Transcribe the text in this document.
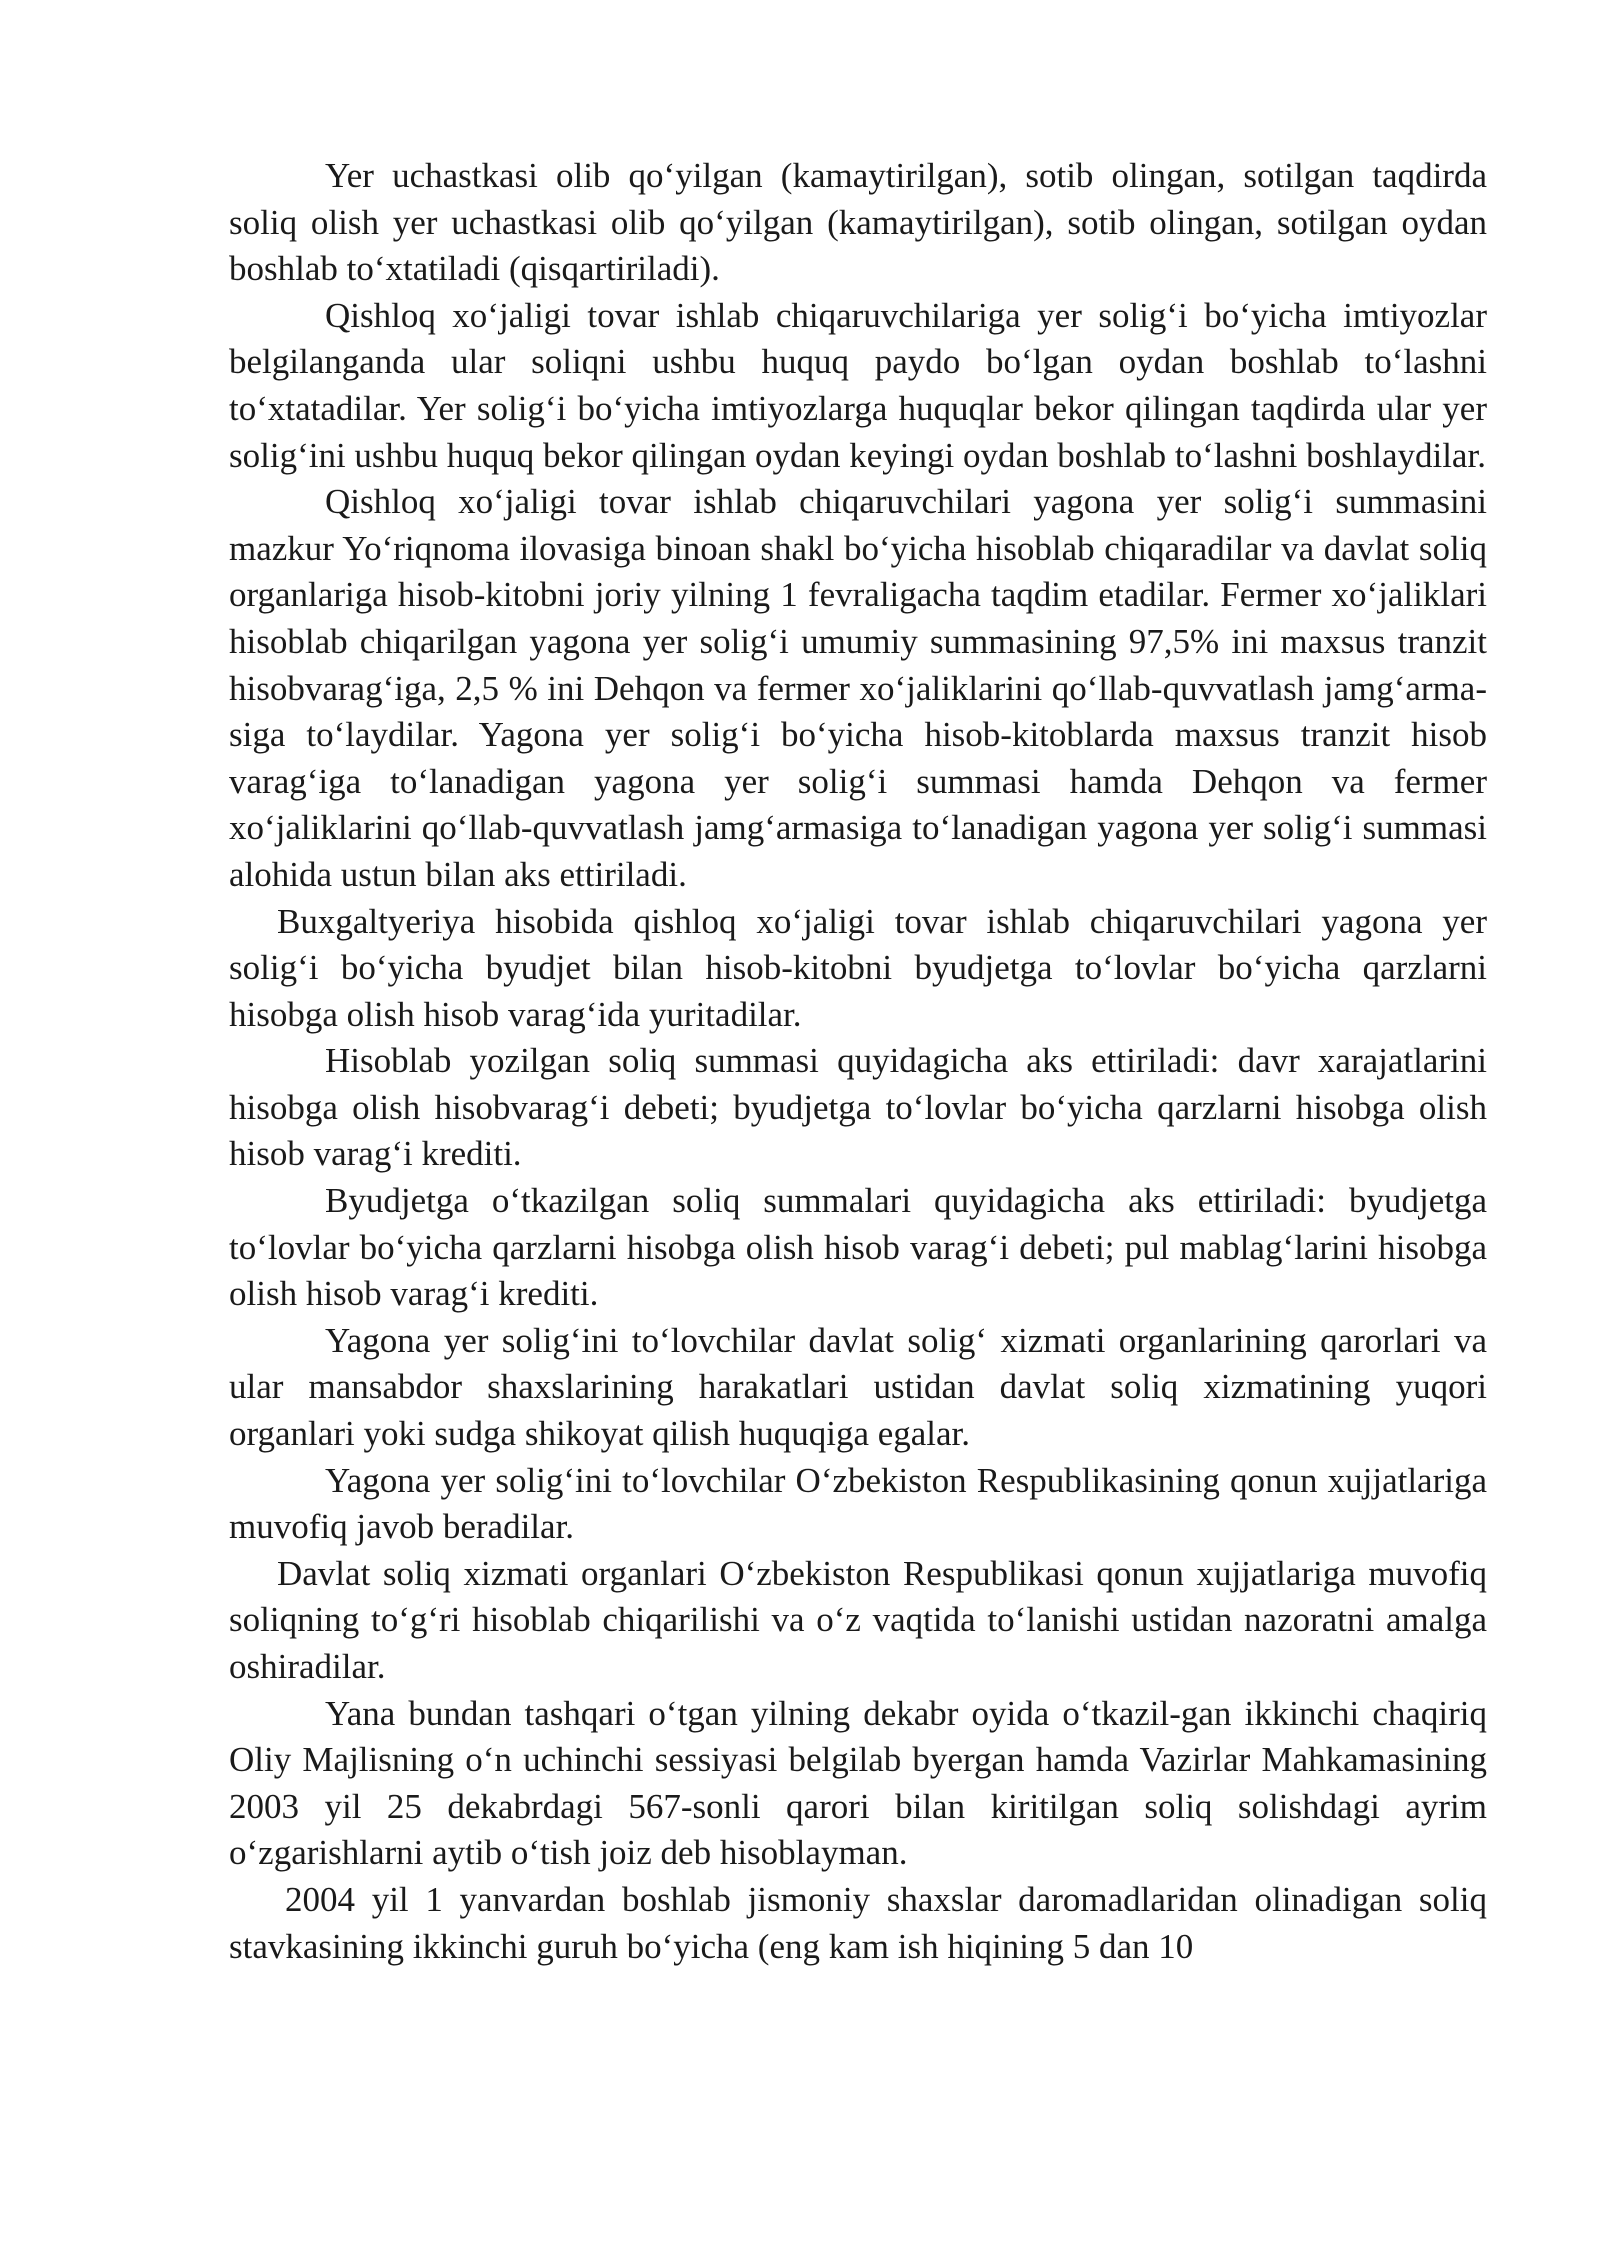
Yer uchastkasi olib qo‘yilgan (kamaytirilgan), sotib olingan, sotilgan taqdirda soliq olish yer uchastkasi olib qo‘yilgan (kamaytirilgan), sotib olingan, sotilgan oydan boshlab to‘xtatiladi (qisqartiriladi).

Qishloq xo‘jaligi tovar ishlab chiqaruvchilariga yer solig‘i bo‘yicha imtiyozlar belgilanganda ular soliqni ushbu huquq paydo bo‘lgan oydan boshlab to‘lashni to‘xtatadilar. Yer solig‘i bo‘yicha imtiyozlarga huquqlar bekor qilingan taqdirda ular yer solig‘ini ushbu huquq bekor qilingan oydan keyingi oydan boshlab to‘lashni boshlaydilar.

Qishloq xo‘jaligi tovar ishlab chiqaruvchilari yagona yer solig‘i summasini mazkur Yo‘riqnoma ilovasiga binoan shakl bo‘yicha hisoblab chiqaradilar va davlat soliq organlariga hisob-kitobni joriy yilning 1 fevraligacha taqdim etadilar. Fermer xo‘jaliklari hisoblab chiqarilgan yagona yer solig‘i umumiy summasining 97,5% ini maxsus tranzit hisobvarag‘iga, 2,5 % ini Dehqon va fermer xo‘jaliklarini qo‘llab-quvvatlash jamg‘arma-siga to‘laydilar. Yagona yer solig‘i bo‘yicha hisob-kitoblarda maxsus tranzit hisob varag‘iga to‘lanadigan yagona yer solig‘i summasi hamda Dehqon va fermer xo‘jaliklarini qo‘llab-quvvatlash jamg‘armasiga to‘lanadigan yagona yer solig‘i summasi alohida ustun bilan aks ettiriladi.

Buxgaltyeriya hisobida qishloq xo‘jaligi tovar ishlab chiqaruvchilari yagona yer solig‘i bo‘yicha byudjet bilan hisob-kitobni byudjetga to‘lovlar bo‘yicha qarzlarni hisobga olish hisob varag‘ida yuritadilar.

Hisoblab yozilgan soliq summasi quyidagicha aks ettiriladi: davr xarajatlarini hisobga olish hisobvarag‘i debeti; byudjetga to‘lovlar bo‘yicha qarzlarni hisobga olish hisob varag‘i krediti.

Byudjetga o‘tkazilgan soliq summalari quyidagicha aks ettiriladi: byudjetga to‘lovlar bo‘yicha qarzlarni hisobga olish hisob varag‘i debeti; pul mablag‘larini hisobga olish hisob varag‘i krediti.

Yagona yer solig‘ini to‘lovchilar davlat solig‘ xizmati organlarining qarorlari va ular mansabdor shaxslarining harakatlari ustidan davlat soliq xizmatining yuqori organlari yoki sudga shikoyat qilish huquqiga egalar.

Yagona yer solig‘ini to‘lovchilar O‘zbekiston Respublikasining qonun xujjatlariga muvofiq javob beradilar.

Davlat soliq xizmati organlari O‘zbekiston Respublikasi qonun xujjatlariga muvofiq soliqning to‘g‘ri hisoblab chiqarilishi va o‘z vaqtida to‘lanishi ustidan nazoratni amalga oshiradilar.

Yana bundan tashqari o‘tgan yilning dekabr oyida o‘tkazil-gan ikkinchi chaqiriq Oliy Majlisning o‘n uchinchi sessiyasi belgilab byergan hamda Vazirlar Mahkamasining 2003 yil 25 dekabrdagi 567-sonli qarori bilan kiritilgan soliq solishdagi ayrim o‘zgarishlarni aytib o‘tish joiz deb hisoblayman.

2004 yil 1 yanvardan boshlab jismoniy shaxslar daromadlaridan olinadigan soliq stavkasining ikkinchi guruh bo‘yicha (eng kam ish hiqining 5 dan 10
